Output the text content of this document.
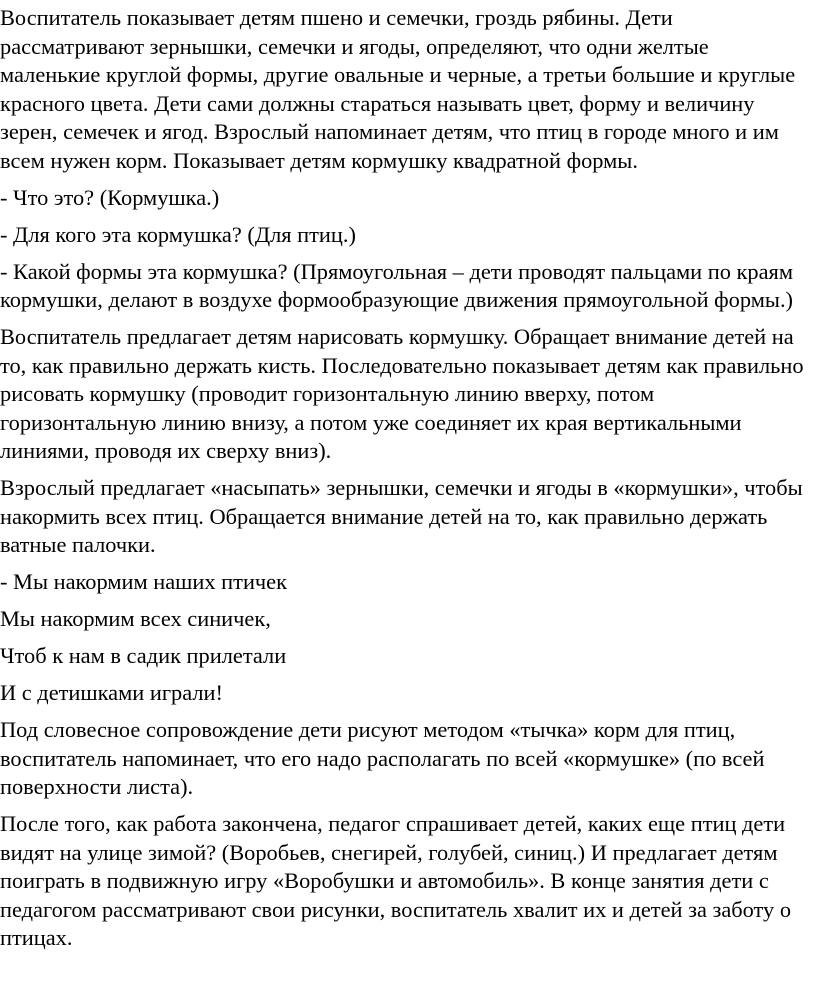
Воспитатель показывает детям пшено и семечки, гроздь рябины. Дети рассматривают зернышки, семечки и ягоды, определяют, что одни желтые маленькие круглой формы, другие овальные и черные, а третьи большие и круглые красного цвета. Дети сами должны стараться называть цвет, форму и величину зерен, семечек и ягод. Взрослый напоминает детям, что птиц в городе много и им всем нужен корм. Показывает детям кормушку квадратной формы.

- Что это? (Кормушка.)

- Для кого эта кормушка? (Для птиц.)

- Какой формы эта кормушка? (Прямоугольная – дети проводят пальцами по краям кормушки, делают в воздухе формообразующие движения прямоугольной формы.)

Воспитатель предлагает детям нарисовать кормушку. Обращает внимание детей на то, как правильно держать кисть. Последовательно показывает детям как правильно рисовать кормушку (проводит горизонтальную линию вверху, потом горизонтальную линию внизу, а потом уже соединяет их края вертикальными линиями, проводя их сверху вниз).

Взрослый предлагает «насыпать» зернышки, семечки и ягоды в «кормушки», чтобы накормить всех птиц. Обращается внимание детей на то, как правильно держать ватные палочки.

- Мы накормим наших птичек

Мы накормим всех синичек,

Чтоб к нам в садик прилетали

И с детишками играли!

Под словесное сопровождение дети рисуют методом «тычка» корм для птиц, воспитатель напоминает, что его надо располагать по всей «кормушке» (по всей поверхности листа).

После того, как работа закончена, педагог спрашивает детей, каких еще птиц дети видят на улице зимой? (Воробьев, снегирей, голубей, синиц.) И предлагает детям поиграть в подвижную игру «Воробушки и автомобиль». В конце занятия дети с педагогом рассматривают свои рисунки, воспитатель хвалит их и детей за заботу о птицах.
